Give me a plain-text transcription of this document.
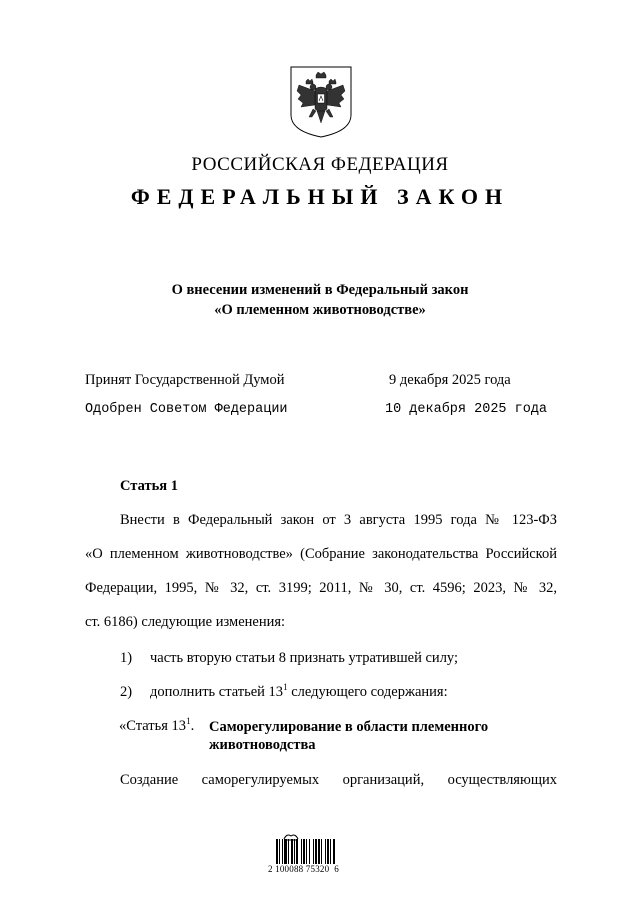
РОССИЙСКАЯ ФЕДЕРАЦИЯ
ФЕДЕРАЛЬНЫЙ ЗАКОН
О внесении изменений в Федеральный закон
«О племенном животноводстве»
Принят Государственной Думой	9 декабря 2025 года
Одобрен Советом Федерации	10 декабря 2025 года
Статья 1
Внести в Федеральный закон от 3 августа 1995 года № 123-ФЗ
«О племенном животноводстве» (Собрание законодательства Российской
Федерации, 1995, № 32, ст. 3199; 2011, № 30, ст. 4596; 2023, № 32,
ст. 6186) следующие изменения:
1) часть вторую статьи 8 признать утратившей силу;
2) дополнить статьей $13^1$ следующего содержания:
«Статья $13^1$. Саморегулирование в области племенного
животноводства
Создание саморегулируемых организаций, осуществляющих
2 100088 75320  6
